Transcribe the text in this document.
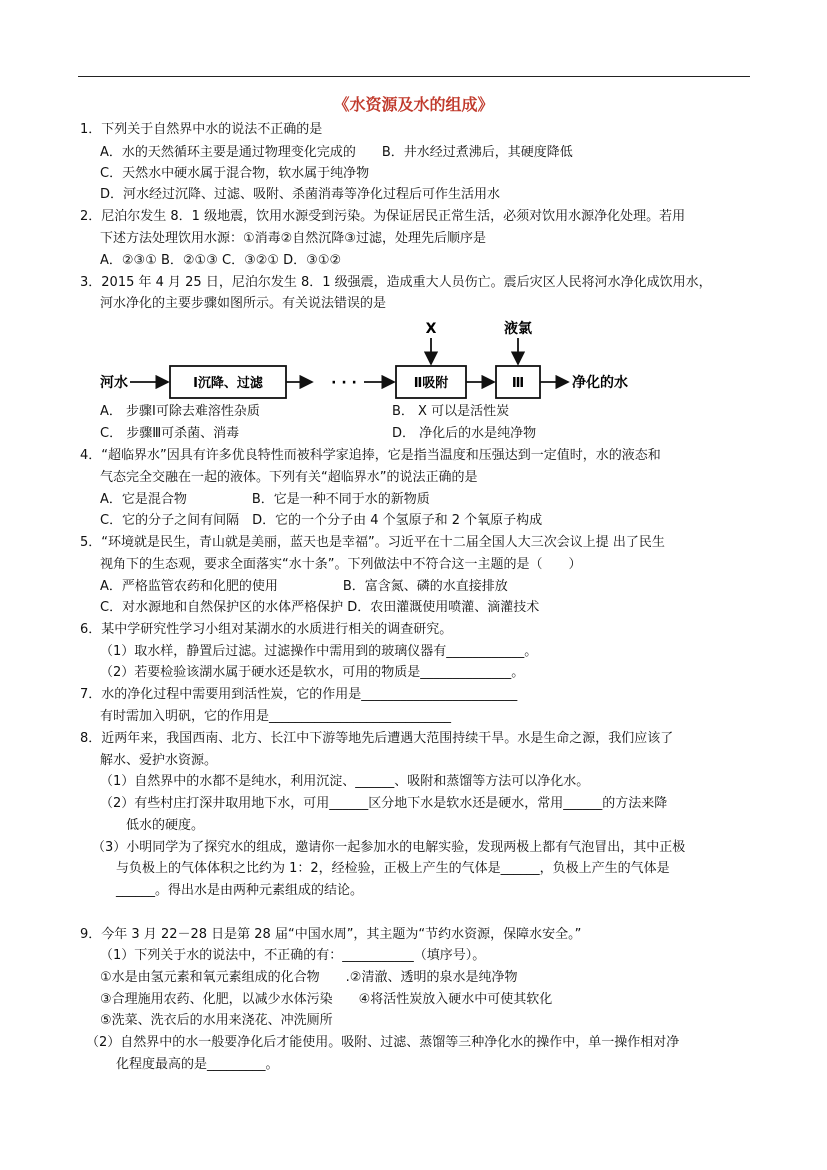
《水资源及水的组成》
1．下列关于自然界中水的说法不正确的是
A．水的天然循环主要是通过物理变化完成的　　B．井水经过煮沸后，其硬度降低
C．天然水中硬水属于混合物，软水属于纯净物
D．河水经过沉降、过滤、吸附、杀菌消毒等净化过程后可作生活用水
2．尼泊尔发生 8．1 级地震，饮用水源受到污染。为保证居民正常生活，必须对饮用水源净化处理。若用
下述方法处理饮用水源：①消毒②自然沉降③过滤，处理先后顺序是
A．②③① B．②①③ C．③②① D．③①②
3．2015 年 4 月 25 日，尼泊尔发生 8．1 级强震，造成重大人员伤亡。震后灾区人民将河水净化成饮用水，
河水净化的主要步骤如图所示。有关说法错误的是
A． 步骤Ⅰ可除去难溶性杂质	B． X 可以是活性炭
C． 步骤Ⅲ可杀菌、消毒	D． 净化后的水是纯净物
4．“超临界水”因具有许多优良特性而被科学家追捧，它是指当温度和压强达到一定值时，水的液态和
气态完全交融在一起的液体。下列有关“超临界水”的说法正确的是
A．它是混合物　　　　　B．它是一种不同于水的新物质
C．它的分子之间有间隔　D．它的一个分子由 4 个氢原子和 2 个氧原子构成
5．“环境就是民生，青山就是美丽，蓝天也是幸福”。习近平在十二届全国人大三次会议上提 出了民生
视角下的生态观，要求全面落实“水十条”。下列做法中不符合这一主题的是（　　）
A．严格监管农药和化肥的使用　　　　　B．富含氮、磷的水直接排放
C．对水源地和自然保护区的水体严格保护 D．农田灌溉使用喷灌、滴灌技术
6．某中学研究性学习小组对某湖水的水质进行相关的调查研究。
（1）取水样，静置后过滤。过滤操作中需用到的玻璃仪器有____________。
（2）若要检验该湖水属于硬水还是软水，可用的物质是______________。
7．水的净化过程中需要用到活性炭，它的作用是________________________
有时需加入明矾，它的作用是____________________________
8．近两年来，我国西南、北方、长江中下游等地先后遭遇大范围持续干旱。水是生命之源，我们应该了
解水、爱护水资源。
（1）自然界中的水都不是纯水，利用沉淀、______、吸附和蒸馏等方法可以净化水。
（2）有些村庄打深井取用地下水，可用______区分地下水是软水还是硬水，常用______的方法来降
低水的硬度。
（3）小明同学为了探究水的组成，邀请你一起参加水的电解实验，发现两极上都有气泡冒出，其中正极
与负极上的气体体积之比约为 1：2，经检验，正极上产生的气体是______，负极上产生的气体是
______。得出水是由两种元素组成的结论。
9．今年 3 月 22－28 日是第 28 届“中国水周”，其主题为“节约水资源，保障水安全。”
（1）下列关于水的说法中，不正确的有：___________（填序号）。
①水是由氢元素和氧元素组成的化合物　　.②清澈、透明的泉水是纯净物
③合理施用农药、化肥，以减少水体污染　　④将活性炭放入硬水中可使其软化
⑤洗菜、洗衣后的水用来浇花、冲洗厕所
（2）自然界中的水一般要净化后才能使用。吸附、过滤、蒸馏等三种净化水的操作中，单一操作相对净
化程度最高的是_________。
河水	Ⅰ沉降、过滤	· · ·	Ⅱ吸附
X
Ⅲ
液氯
净化的水
